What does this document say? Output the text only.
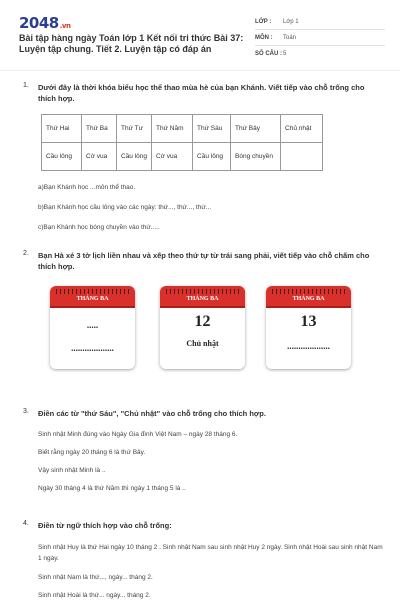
2048.vn
Bài tập hàng ngày Toán lớp 1 Kết nối tri thức Bài 37: Luyện tập chung. Tiết 2. Luyện tập có đáp án
LỚP :	Lớp 1
MÔN :	Toán
SỐ CÂU : 5
1. Dưới đây là thời khóa biểu học thể thao mùa hè của bạn Khánh. Viết tiếp vào chỗ trống cho thích hợp.
Thứ Hai	Thứ Ba	Thứ Tư	Thứ Năm	Thứ Sáu	Thứ Bảy	Chủ nhật
Cầu lông	Cờ vua	Cầu lông	Cờ vua	Cầu lông	Bóng chuyền	
a)Bạn Khánh học ...môn thể thao.
b)Bạn Khánh học cầu lông vào các ngày: thứ..., thứ..., thứ...
c)Bạn Khánh học bóng chuyền vào thứ.....
2. Bạn Hà xé 3 tờ lịch liền nhau và xếp theo thứ tự từ trái sang phải, viết tiếp vào chỗ chấm cho thích hợp.
THÁNG BA
.....
...................
THÁNG BA
12
Chủ nhật
THÁNG BA
13
...................
3. Điền các từ "thứ Sáu", "Chủ nhật" vào chỗ trống cho thích hợp.
Sinh nhật Minh đúng vào Ngày Gia đình Việt Nam – ngày 28 tháng 6.
Biết rằng ngày 20 tháng 6 là thứ Bảy.
Vậy sinh nhật Minh là ..
Ngày 30 tháng 4 là thứ Năm thì ngày 1 tháng 5 là ..
4. Điền từ ngữ thích hợp vào chỗ trống:
Sinh nhật Huy là thứ Hai ngày 10 tháng 2 . Sinh nhật Nam sau sinh nhật Huy 2 ngày. Sinh nhật Hoài sau sinh nhật Nam 1 ngày.
Sinh nhật Nam là thứ..., ngày... tháng 2.
Sinh nhật Hoài là thứ... ngày... tháng 2.
